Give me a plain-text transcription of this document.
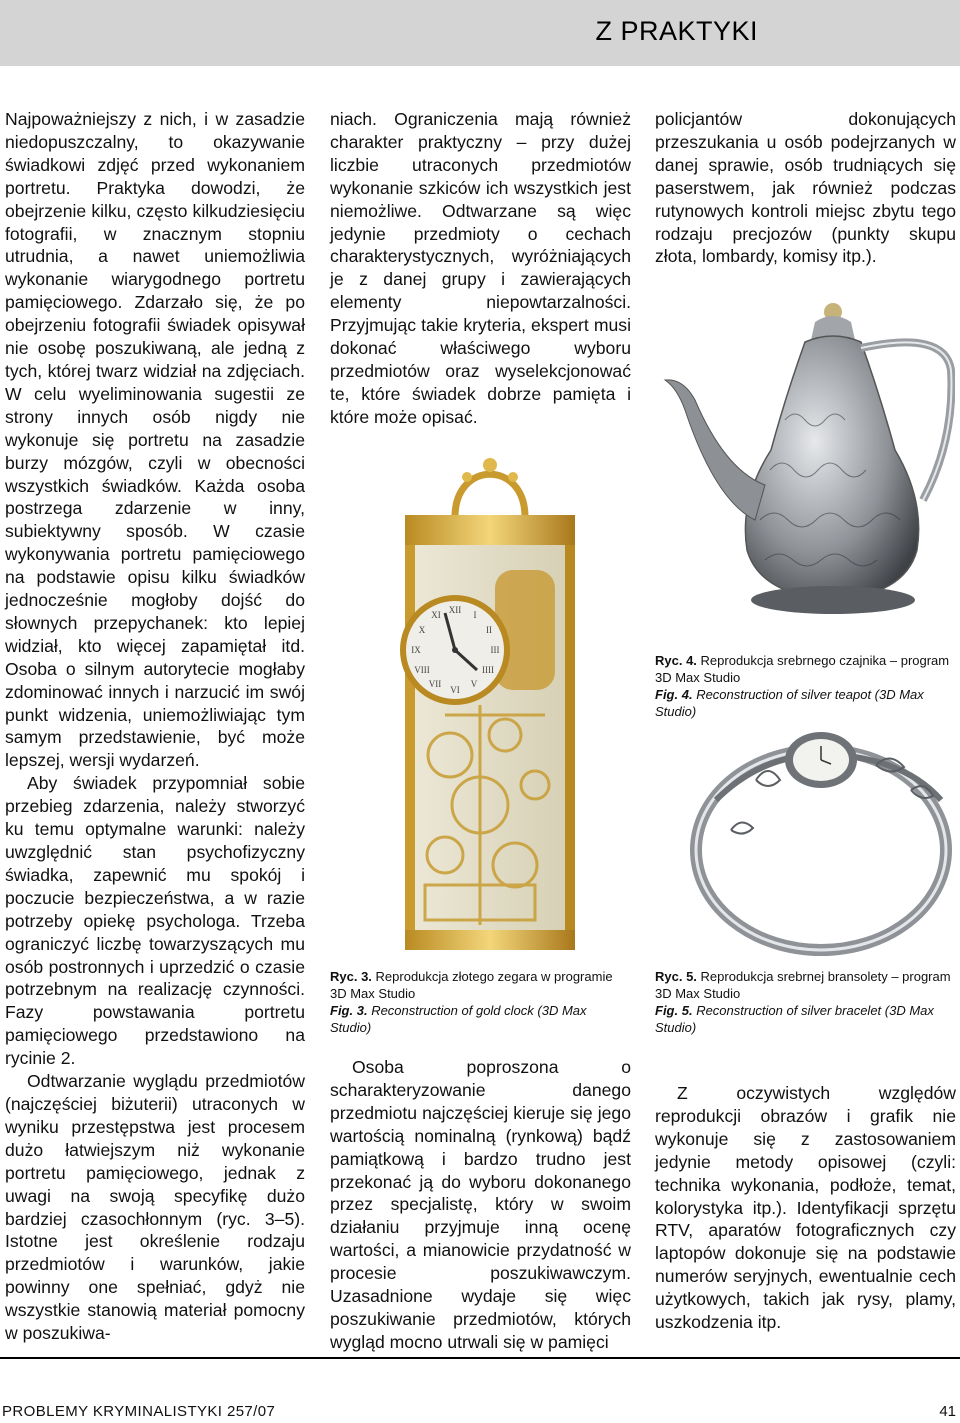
Z PRAKTYKI

Najpoważniejszy z nich, i w zasadzie niedopuszczalny, to okazywanie świadkowi zdjęć przed wykonaniem portretu. Praktyka dowodzi, że obejrzenie kilku, często kilkudziesięciu fotografii, w znacznym stopniu utrudnia, a nawet uniemożliwia wykonanie wiarygodnego portretu pamięciowego. Zdarzało się, że po obejrzeniu fotografii świadek opisywał nie osobę poszukiwaną, ale jedną z tych, której twarz widział na zdjęciach. W celu wyeliminowania sugestii ze strony innych osób nigdy nie wykonuje się portretu na zasadzie burzy mózgów, czyli w obecności wszystkich świadków. Każda osoba postrzega zdarzenie w inny, subiektywny sposób. W czasie wykonywania portretu pamięciowego na podstawie opisu kilku świadków jednocześnie mogłoby dojść do słownych przepychanek: kto lepiej widział, kto więcej zapamiętał itd. Osoba o silnym autorytecie mogłaby zdominować innych i narzucić im swój punkt widzenia, uniemożliwiając tym samym przedstawienie, być może lepszej, wersji wydarzeń.

Aby świadek przypomniał sobie przebieg zdarzenia, należy stworzyć ku temu optymalne warunki: należy uwzględnić stan psychofizyczny świadka, zapewnić mu spokój i poczucie bezpieczeństwa, a w razie potrzeby opiekę psychologa. Trzeba ograniczyć liczbę towarzyszących mu osób postronnych i uprzedzić o czasie potrzebnym na realizację czynności. Fazy powstawania portretu pamięciowego przedstawiono na rycinie 2.

Odtwarzanie wyglądu przedmiotów (najczęściej biżuterii) utraconych w wyniku przestępstwa jest procesem dużo łatwiejszym niż wykonanie portretu pamięciowego, jednak z uwagi na swoją specyfikę dużo bardziej czasochłonnym (ryc. 3–5). Istotne jest określenie rodzaju przedmiotów i warunków, jakie powinny one spełniać, gdyż nie wszystkie stanowią materiał pomocny w poszukiwa-

niach. Ograniczenia mają również charakter praktyczny – przy dużej liczbie utraconych przedmiotów wykonanie szkiców ich wszystkich jest niemożliwe. Odtwarzane są więc jedynie przedmioty o cechach charakterystycznych, wyróżniających je z danej grupy i zawierających elementy niepowtarzalności. Przyjmując takie kryteria, ekspert musi dokonać właściwego wyboru przedmiotów oraz wyselekcjonować te, które świadek dobrze pamięta i które może opisać.

policjantów dokonujących przeszukania u osób podejrzanych w danej sprawie, osób trudniących się paserstwem, jak również podczas rutynowych kontroli miejsc zbytu tego rodzaju precjozów (punkty skupu złota, lombardy, komisy itp.).

XII I
II
III
IIII
V
VI
VII
VIII
IX
X
XI

Ryc. 3. Reprodukcja złotego zegara w programie 3D Max Studio

Fig. 3. Reconstruction of gold clock (3D Max Studio)

Ryc. 4. Reprodukcja srebrnego czajnika – program 3D Max Studio

Fig. 4. Reconstruction of silver teapot (3D Max Studio)

Ryc. 5. Reprodukcja srebrnej bransolety – program 3D Max Studio

Fig. 5. Reconstruction of silver bracelet (3D Max Studio)

Osoba poproszona o scharakteryzowanie danego przedmiotu najczęściej kieruje się jego wartością nominalną (rynkową) bądź pamiątkową i bardzo trudno jest przekonać ją do wyboru dokonanego przez specjalistę, który w swoim działaniu przyjmuje inną ocenę wartości, a mianowicie przydatność w procesie poszukiwawczym. Uzasadnione wydaje się więc poszukiwanie przedmiotów, których wygląd mocno utrwali się w pamięci

Z oczywistych względów reprodukcji obrazów i grafik nie wykonuje się z zastosowaniem jedynie metody opisowej (czyli: technika wykonania, podłoże, temat, kolorystyka itp.). Identyfikacji sprzętu RTV, aparatów fotograficznych czy laptopów dokonuje się na podstawie numerów seryjnych, ewentualnie cech użytkowych, takich jak rysy, plamy, uszkodzenia itp.

PROBLEMY KRYMINALISTYKI 257/07	41
